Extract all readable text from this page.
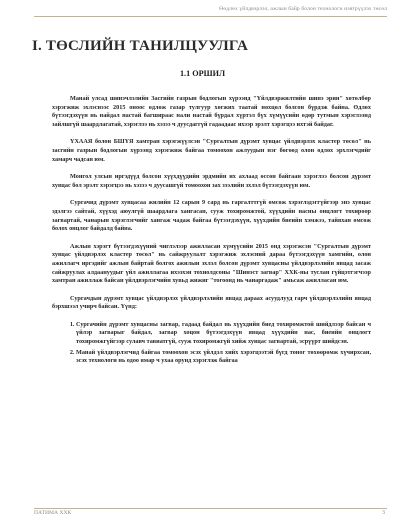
Өөдлөх үйлдвэрлэл, ажлын байр болон технологи нэвтрүүлэх төсөл
I. ТӨСЛИЙН ТАНИЛЦУУЛГА
1.1 ОРШИЛ

Манай улсад шинэчлэлийн Засгийн газрын бодлогын хүрээнд "Үйлдвэржилтийн шинэ эрин" хөтөлбөр хэрэгжиж эхлэснээс 2015 оноос өдлөж газар тулгуур хөгжих таатай нөхцөл болсон бүрдэж байна. Өдлөх бүтээгдэхүүн нь найдал настай багшираас нали настай бүрдал хүртэл бүх хүмүүсийн өдөр тутмын хэрэглээнд зайлшгүй шаардлагатай, хэрэглээ нь хэзээ ч дуусдаггүй гадаадаас ихээр эрэлт хэрэгцээ ихтэй байдаг.

ҮХААЯ болон БШҮЯ хамтран хэрэгжүүлсэн "Сургалтын дүрэмт хувцас үйлдвэрлэх кластер төсөл" нь засгийн газрын бодлогын хүрээнд хэрэгжиж байгаа томоохон ажлуудын нэг бөгөөд олон өдлөх эрхлэгчдийг хамарч чадсан юм.

Монгол улсын иргэдүүд болсон хүүхдүүдийн эрдмийн их ахлаад өссөн байгаан хэрэглээ болсон дүрэмт хувцас бол эрэлт хэрэгцээ нь хэзээ ч дуусашгүй томоохон зах зээлийн эхлэл бүтээгдэхүүн юм.

Сургачид дүрэмт хувцасаа жилийн 12 сарын 9 сард нь гаргалттгүй өмсөж хэрэглэдэггүйгээр энэ хувцас эдэлгээ сайтай, хүүхэд аюулгүй шаардлага хангасан, сууж тохиромжтой, хүүхдийн насны онцлогт тохироор загвартай, чанарын хэрэглэгчийг хангаж чадаж байгаа бүтээгдэхүүн, хүүхдийн биеийн хэмжээ, тайвхан өмсөж болох онцлог байдалд байна.

Ажлын хэрэгт бүтээгдэхүүний чиглэлээр ажилласан хүмүүсийн 2015 онд хэрэгжсэн "Сургалтын дүрэмт хувцас үйлдвэрлэх кластер төсөл" нь сайжруулалт хэрэгжиж эхлэсний дараа бүтээгдэхүүн хамгийн, олон ажиллагч иргэдийг ажлын байртай болгох ажилын эхлэл болсон дүрэмт хувцасны үйлдвэрлэлийн явцад засаж сайжруулах алдаануудыг үйл ажиллагаа ихээхэн тохиолдсоны "Шинэст загвар" ХХК-ны туслан гүйцэтгэгчээр хамтран ажиллаж байсан үйлдвэрлэгчийн хувьд жижиг "тогоонд нь чанаргадаж" амьсаж ажилласан юм.

Сургачдын дүрэмт хувцас үйлдвэрлэх үйлдвэрлэлийн явцад дараах асуудлууд гарч үйлдвэрлэлийн явцад бэрхшээл учирч байсан. Үүнд:

1. Сургачийн дүрэмт хувцасны загвар, гадаад байдал нь хүүхдийн биед тохиромжтой шийдлээр байсан ч үйлэр загварыг байдал, загвар хоцон бүтээгдэхүүн явцад хүүхдийн нас, биеийн онцлогт тохиромжгүйгээр сулавч тавиатгүй, сууж тохиромжгүй хийж хувцас загвартай, эсрүүрт шийдсэн.
2. Манай үйлдвэрлэгчид байгаа томоохон эсэх үйлдэл хийх хэрэгцээтэй бүгд тоног төхөөрөмж хүчирхсан, эсэх технологи нь одоо ямар ч ухаа орунд хэрэглэж байгаа
ПАТИМА ХХК	3
